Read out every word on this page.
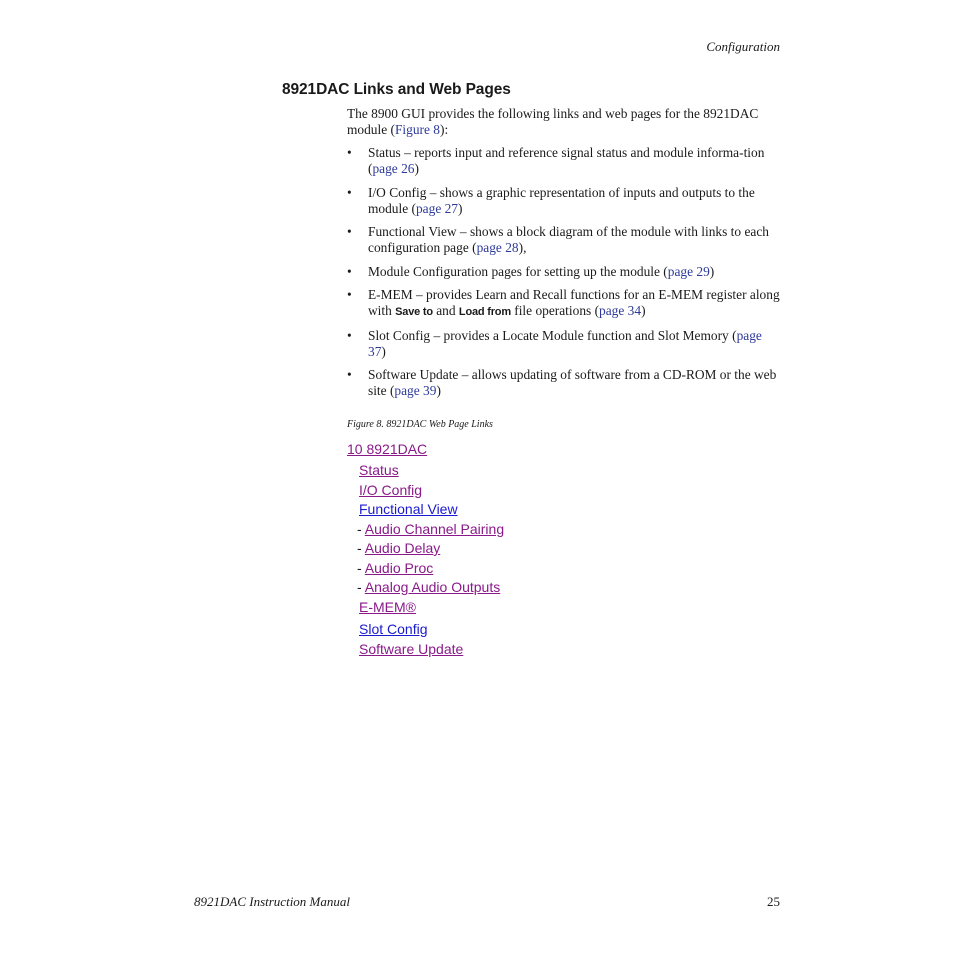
Configuration
8921DAC Links and Web Pages

The 8900 GUI provides the following links and web pages for the 8921DAC module (Figure 8):

• Status – reports input and reference signal status and module informa-tion (page 26)
• I/O Config – shows a graphic representation of inputs and outputs to the module (page 27)
• Functional View – shows a block diagram of the module with links to each configuration page (page 28),
• Module Configuration pages for setting up the module (page 29)
• E-MEM – provides Learn and Recall functions for an E-MEM register along with Save to and Load from file operations (page 34)
• Slot Config – provides a Locate Module function and Slot Memory (page 37)
• Software Update – allows updating of software from a CD-ROM or the web site (page 39)
Figure 8. 8921DAC Web Page Links
10 8921DAC
Status
I/O Config
Functional View
- Audio Channel Pairing
- Audio Delay
- Audio Proc
- Analog Audio Outputs
E-MEM®
Slot Config
Software Update
8921DAC Instruction Manual	25
